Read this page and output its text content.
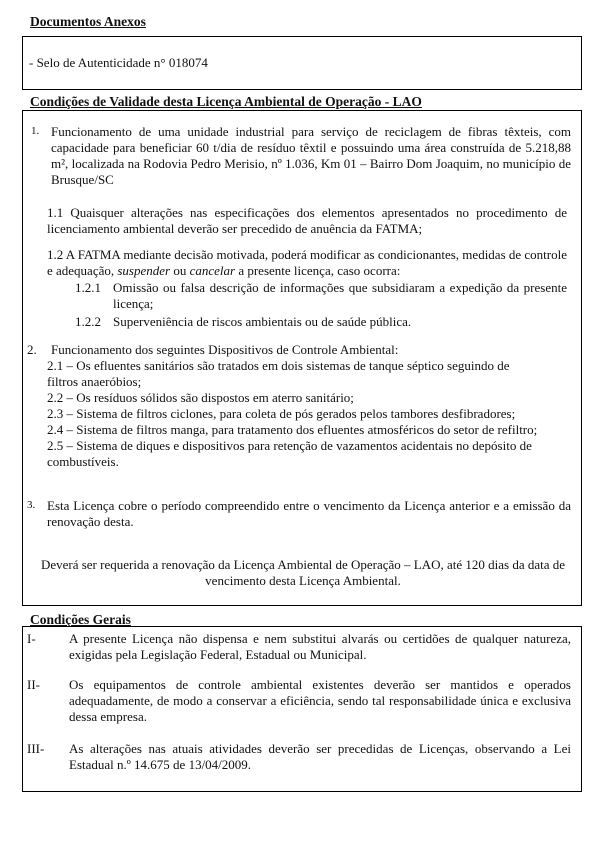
Documentos Anexos
- Selo de Autenticidade n° 018074
Condições de Validade desta Licença Ambiental de Operação - LAO
1. Funcionamento de uma unidade industrial para serviço de reciclagem de fibras têxteis, com capacidade para beneficiar 60 t/dia de resíduo têxtil e possuindo uma área construída de 5.218,88 m², localizada na Rodovia Pedro Merisio, nº 1.036, Km 01 – Bairro Dom Joaquim, no município de Brusque/SC
1.1 Quaisquer alterações nas especificações dos elementos apresentados no procedimento de licenciamento ambiental deverão ser precedido de anuência da FATMA;
1.2 A FATMA mediante decisão motivada, poderá modificar as condicionantes, medidas de controle e adequação, suspender ou cancelar a presente licença, caso ocorra:
1.2.1 Omissão ou falsa descrição de informações que subsidiaram a expedição da presente licença;
1.2.2 Superveniência de riscos ambientais ou de saúde pública.
2. Funcionamento dos seguintes Dispositivos de Controle Ambiental:
2.1 – Os efluentes sanitários são tratados em dois sistemas de tanque séptico seguindo de filtros anaeróbios;
2.2 – Os resíduos sólidos são dispostos em aterro sanitário;
2.3 – Sistema de filtros ciclones, para coleta de pós gerados pelos tambores desfibradores;
2.4 – Sistema de filtros manga, para tratamento dos efluentes atmosféricos do setor de refiltro;
2.5 – Sistema de diques e dispositivos para retenção de vazamentos acidentais no depósito de combustíveis.
3. Esta Licença cobre o período compreendido entre o vencimento da Licença anterior e a emissão da renovação desta.
Deverá ser requerida a renovação da Licença Ambiental de Operação – LAO, até 120 dias da data de vencimento desta Licença Ambiental.
Condições Gerais
I-	A presente Licença não dispensa e nem substitui alvarás ou certidões de qualquer natureza, exigidas pela Legislação Federal, Estadual ou Municipal.
II- Os equipamentos de controle ambiental existentes deverão ser mantidos e operados adequadamente, de modo a conservar a eficiência, sendo tal responsabilidade única e exclusiva dessa empresa.
III- As alterações nas atuais atividades deverão ser precedidas de Licenças, observando a Lei Estadual n.º 14.675 de 13/04/2009.
